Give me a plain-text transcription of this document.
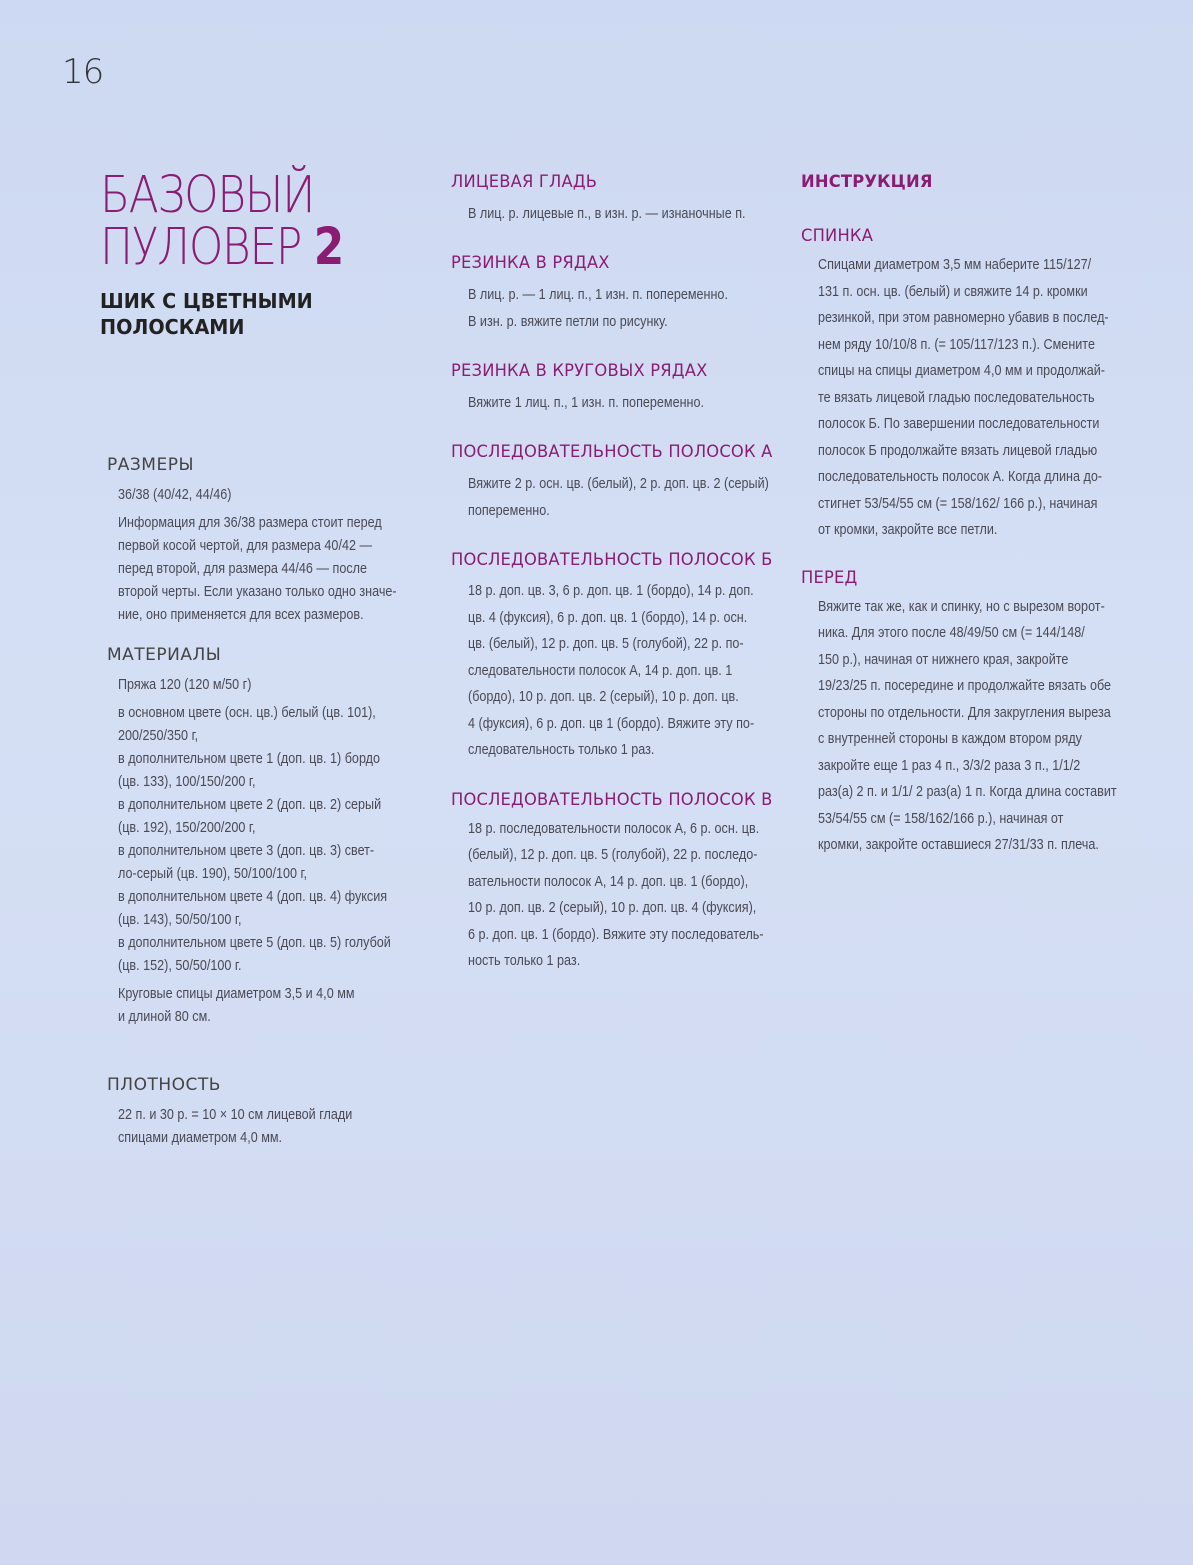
16
БАЗОВЫЙ
ПУЛОВЕР 2
ШИК С ЦВЕТНЫМИ
ПОЛОСКАМИ
РАЗМЕРЫ
36/38 (40/42, 44/46)
Информация для 36/38 размера стоит перед
первой косой чертой, для размера 40/42 —
перед второй, для размера 44/46 — после
второй черты. Если указано только одно значе-
ние, оно применяется для всех размеров.
МАТЕРИАЛЫ
Пряжа 120 (120 м/50 г)
в основном цвете (осн. цв.) белый (цв. 101),
200/250/350 г,
в дополнительном цвете 1 (доп. цв. 1) бордо
(цв. 133), 100/150/200 г,
в дополнительном цвете 2 (доп. цв. 2) серый
(цв. 192), 150/200/200 г,
в дополнительном цвете 3 (доп. цв. 3) свет-
ло-серый (цв. 190), 50/100/100 г,
в дополнительном цвете 4 (доп. цв. 4) фуксия
(цв. 143), 50/50/100 г,
в дополнительном цвете 5 (доп. цв. 5) голубой
(цв. 152), 50/50/100 г.
Круговые спицы диаметром 3,5 и 4,0 мм
и длиной 80 см.
ПЛОТНОСТЬ
22 п. и 30 р. = 10 × 10 см лицевой глади
спицами диаметром 4,0 мм.
ЛИЦЕВАЯ ГЛАДЬ
В лиц. р. лицевые п., в изн. р. — изнаночные п.
РЕЗИНКА В РЯДАХ
В лиц. р. — 1 лиц. п., 1 изн. п. попеременно.
В изн. р. вяжите петли по рисунку.
РЕЗИНКА В КРУГОВЫХ РЯДАХ
Вяжите 1 лиц. п., 1 изн. п. попеременно.
ПОСЛЕДОВАТЕЛЬНОСТЬ ПОЛОСОК А
Вяжите 2 р. осн. цв. (белый), 2 р. доп. цв. 2 (серый)
попеременно.
ПОСЛЕДОВАТЕЛЬНОСТЬ ПОЛОСОК Б
18 р. доп. цв. 3, 6 р. доп. цв. 1 (бордо), 14 р. доп.
цв. 4 (фуксия), 6 р. доп. цв. 1 (бордо), 14 р. осн.
цв. (белый), 12 р. доп. цв. 5 (голубой), 22 р. по-
следовательности полосок А, 14 р. доп. цв. 1
(бордо), 10 р. доп. цв. 2 (серый), 10 р. доп. цв.
4 (фуксия), 6 р. доп. цв 1 (бордо). Вяжите эту по-
следовательность только 1 раз.
ПОСЛЕДОВАТЕЛЬНОСТЬ ПОЛОСОК В
18 р. последовательности полосок А, 6 р. осн. цв.
(белый), 12 р. доп. цв. 5 (голубой), 22 р. последо-
вательности полосок А, 14 р. доп. цв. 1 (бордо),
10 р. доп. цв. 2 (серый), 10 р. доп. цв. 4 (фуксия),
6 р. доп. цв. 1 (бордо). Вяжите эту последователь-
ность только 1 раз.
ИНСТРУКЦИЯ
СПИНКА
Спицами диаметром 3,5 мм наберите 115/127/
131 п. осн. цв. (белый) и свяжите 14 р. кромки
резинкой, при этом равномерно убавив в послед-
нем ряду 10/10/8 п. (= 105/117/123 п.). Смените
спицы на спицы диаметром 4,0 мм и продолжай-
те вязать лицевой гладью последовательность
полосок Б. По завершении последовательности
полосок Б продолжайте вязать лицевой гладью
последовательность полосок А. Когда длина до-
стигнет 53/54/55 см (= 158/162/ 166 р.), начиная
от кромки, закройте все петли.
ПЕРЕД
Вяжите так же, как и спинку, но с вырезом ворот-
ника. Для этого после 48/49/50 см (= 144/148/
150 р.), начиная от нижнего края, закройте
19/23/25 п. посередине и продолжайте вязать обе
стороны по отдельности. Для закругления выреза
с внутренней стороны в каждом втором ряду
закройте еще 1 раз 4 п., 3/3/2 раза 3 п., 1/1/2
раз(а) 2 п. и 1/1/ 2 раз(а) 1 п. Когда длина составит
53/54/55 см (= 158/162/166 р.), начиная от
кромки, закройте оставшиеся 27/31/33 п. плеча.
